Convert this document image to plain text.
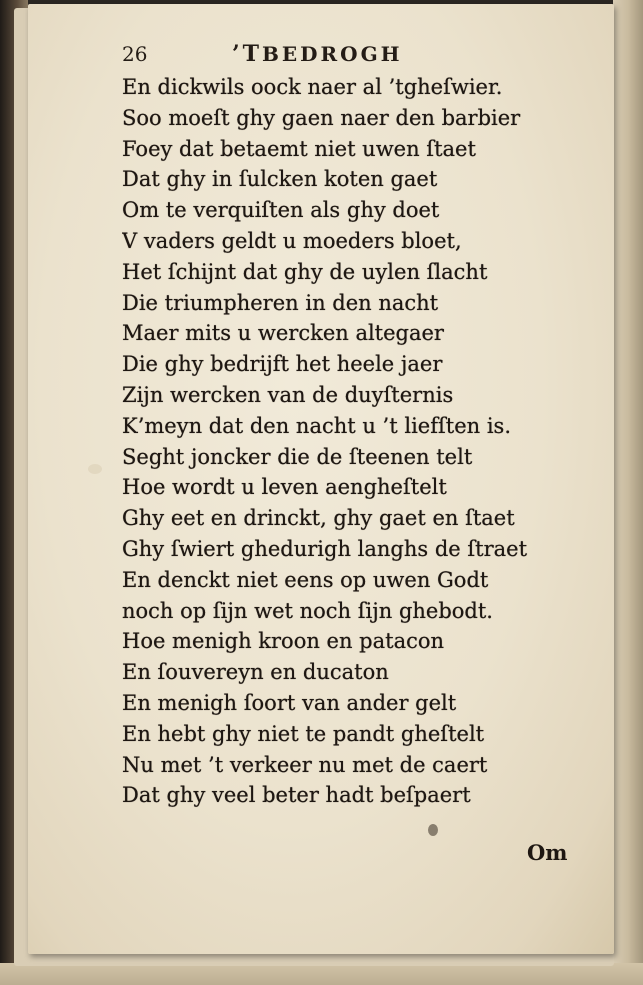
26	’TBEDROGH
En dickwils oock naer al ’tgheſwier.
Soo moeſt ghy gaen naer den barbier
Foey dat betaemt niet uwen ſtaet
Dat ghy in ſulcken koten gaet
Om te verquiſten als ghy doet
V vaders geldt u moeders bloet,
Het ſchijnt dat ghy de uylen ſlacht
Die triumpheren in den nacht
Maer mits u wercken altegaer
Die ghy bedrijft het heele jaer
Zijn wercken van de duyſternis
K’meyn dat den nacht u ’t liefſten is.
Seght joncker die de ſteenen telt
Hoe wordt u leven aengheſtelt
Ghy eet en drinckt, ghy gaet en ſtaet
Ghy ſwiert ghedurigh langhs de ſtraet
En denckt niet eens op uwen Godt
noch op ſijn wet noch ſijn ghebodt.
Hoe menigh kroon en patacon
En ſouvereyn en ducaton
En menigh ſoort van ander gelt
En hebt ghy niet te pandt gheſtelt
Nu met ’t verkeer nu met de caert
Dat ghy veel beter hadt beſpaert
Om
